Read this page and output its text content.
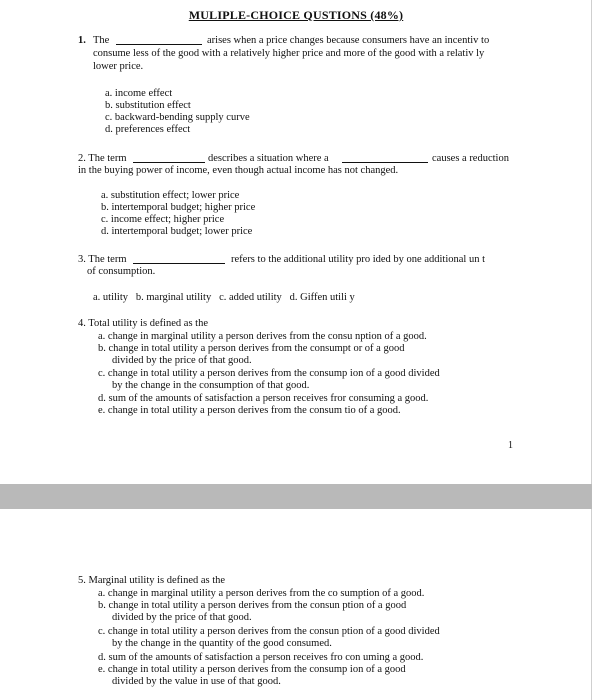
MULIPLE-CHOICE QUSTIONS (48%)
1. The	arises when a price changes because consumers have an incentiv to
consume less of the good with a relatively higher price and more of the good with a relativ ly
lower price.
a. income effect
b. substitution effect
c. backward-bending supply curve
d. preferences effect
2. The term	describes a situation where a	causes a reduction
in the buying power of income, even though actual income has not changed.
a. substitution effect; lower price
b. intertemporal budget; higher price
c. income effect; higher price
d. intertemporal budget; lower price
3. The term	refers to the additional utility pro ided by one additional un t
of consumption.
a. utility   b. marginal utility   c. added utility   d. Giffen utili y
4. Total utility is defined as the
a. change in marginal utility a person derives from the consu nption of a good.
b. change in total utility a person derives from the consumpt or of a good
divided by the price of that good.
c. change in total utility a person derives from the consump ion of a good divided
by the change in the consumption of that good.
d. sum of the amounts of satisfaction a person receives fror consuming a good.
e. change in total utility a person derives from the consum tio of a good.
1
5. Marginal utility is defined as the
a. change in marginal utility a person derives from the co sumption of a good.
b. change in total utility a person derives from the consun ption of a good
divided by the price of that good.
c. change in total utility a person derives from the consun ption of a good divided
by the change in the quantity of the good consumed.
d. sum of the amounts of satisfaction a person receives fro con uming a good.
e. change in total utility a person derives from the consump ion of a good
divided by the value in use of that good.
